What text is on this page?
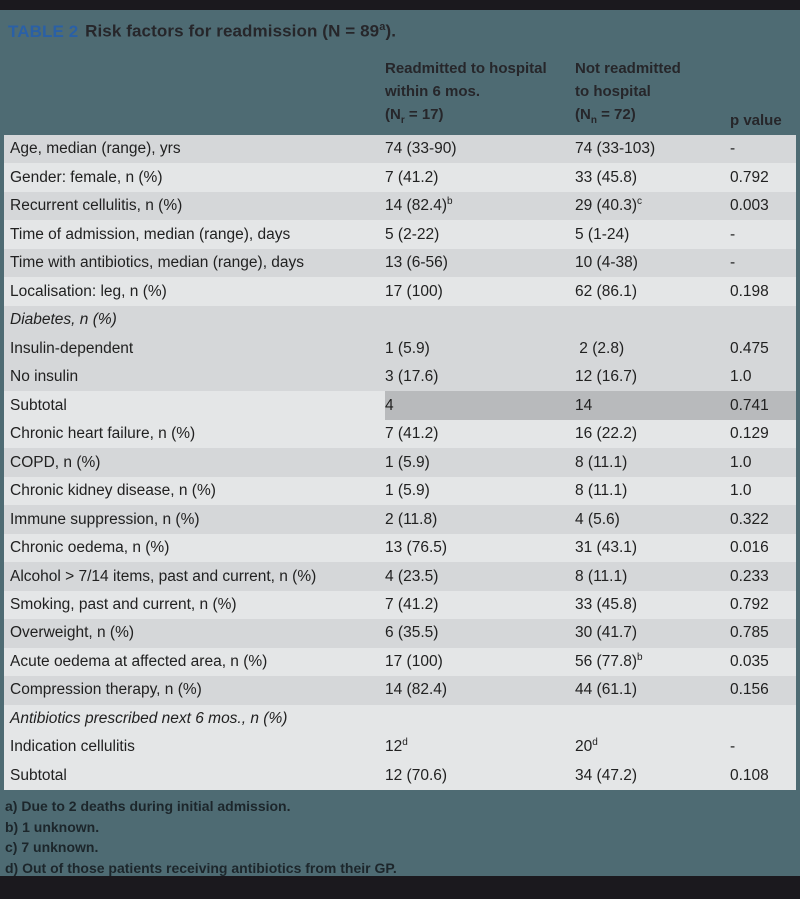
TABLE 2 Risk factors for readmission $(N = 89^a)$.
Readmitted to hospital
within 6 mos.
$(N_r = 17)$
Not readmitted
to hospital
$(N_n = 72)$	p value
Age, median (range), yrs	74 (33-90)	74 (33-103)	-
Gender: female, n (%)	7 (41.2)	33 (45.8)	0.792
Recurrent cellulitis, n (%)	14 (82.4) b	29 (40.3) c	0.003
Time of admission, median (range), days	5 (2-22)	5 (1-24)	-
Time with antibiotics, median (range), days	13 (6-56)	10 (4-38)	-
Localisation: leg, n (%)	17 (100)	62 (86.1)	0.198
Diabetes, n (%)
Insulin-dependent	1 (5.9)	2 (2.8)	0.475
No insulin	3 (17.6)	12 (16.7)	1.0
Subtotal	4	14	0.741
Chronic heart failure, n (%)	7 (41.2)	16 (22.2)	0.129
COPD, n (%)	1 (5.9)	8 (11.1)	1.0
Chronic kidney disease, n (%)	1 (5.9)	8 (11.1)	1.0
Immune suppression, n (%)	2 (11.8)	4 (5.6)	0.322
Chronic oedema, n (%)	13 (76.5)	31 (43.1)	0.016
Alcohol > 7/14 items, past and current, n (%)	4 (23.5)	8 (11.1)	0.233
Smoking, past and current, n (%)	7 (41.2)	33 (45.8)	0.792
Overweight, n (%)	6 (35.5)	30 (41.7)	0.785
Acute oedema at affected area, n (%)	17 (100)	56 (77.8) b	0.035
Compression therapy, n (%)	14 (82.4)	44 (61.1)	0.156
Antibiotics prescribed next 6 mos., n (%)
Indication cellulitis	12 d	20 d	-
Subtotal	12 (70.6)	34 (47.2)	0.108
a) Due to 2 deaths during initial admission.
b) 1 unknown.
c) 7 unknown.
d) Out of those patients receiving antibiotics from their GP.
